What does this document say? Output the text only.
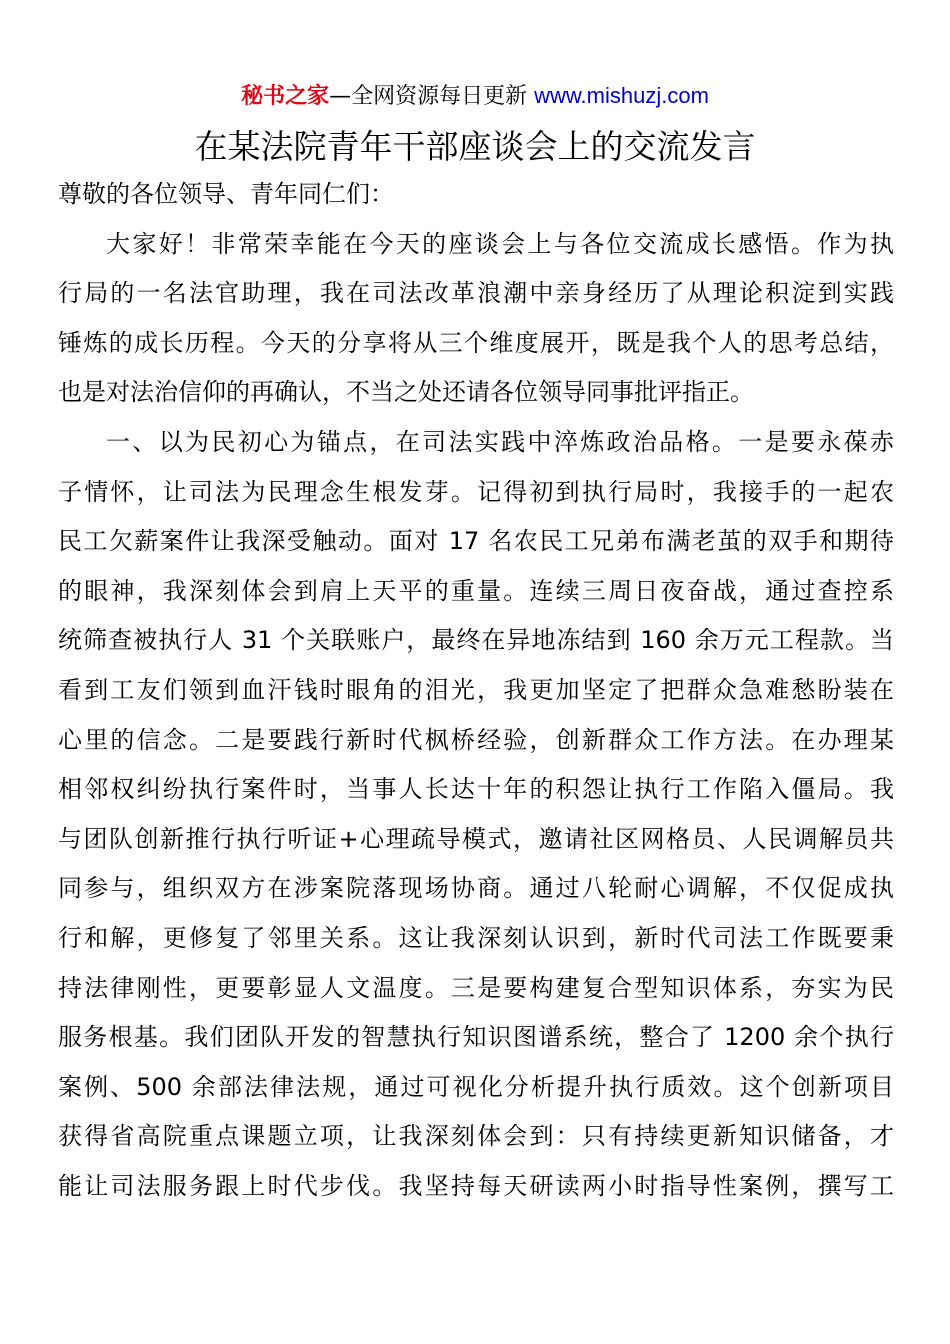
秘书之家—全网资源每日更新 www.mishuzj.com
在某法院青年干部座谈会上的交流发言
尊敬的各位领导、青年同仁们：
大家好！非常荣幸能在今天的座谈会上与各位交流成长感悟。作为执
行局的一名法官助理，我在司法改革浪潮中亲身经历了从理论积淀到实践
锤炼的成长历程。今天的分享将从三个维度展开，既是我个人的思考总结，
也是对法治信仰的再确认，不当之处还请各位领导同事批评指正。
一、以为民初心为锚点，在司法实践中淬炼政治品格。一是要永葆赤
子情怀，让司法为民理念生根发芽。记得初到执行局时，我接手的一起农
民工欠薪案件让我深受触动。面对 17 名农民工兄弟布满老茧的双手和期待
的眼神，我深刻体会到肩上天平的重量。连续三周日夜奋战，通过查控系
统筛查被执行人 31 个关联账户，最终在异地冻结到 160 余万元工程款。当
看到工友们领到血汗钱时眼角的泪光，我更加坚定了把群众急难愁盼装在
心里的信念。二是要践行新时代枫桥经验，创新群众工作方法。在办理某
相邻权纠纷执行案件时，当事人长达十年的积怨让执行工作陷入僵局。我
与团队创新推行执行听证+心理疏导模式，邀请社区网格员、人民调解员共
同参与，组织双方在涉案院落现场协商。通过八轮耐心调解，不仅促成执
行和解，更修复了邻里关系。这让我深刻认识到，新时代司法工作既要秉
持法律刚性，更要彰显人文温度。三是要构建复合型知识体系，夯实为民
服务根基。我们团队开发的智慧执行知识图谱系统，整合了 1200 余个执行
案例、500 余部法律法规，通过可视化分析提升执行质效。这个创新项目
获得省高院重点课题立项，让我深刻体会到：只有持续更新知识储备，才
能让司法服务跟上时代步伐。我坚持每天研读两小时指导性案例，撰写工
